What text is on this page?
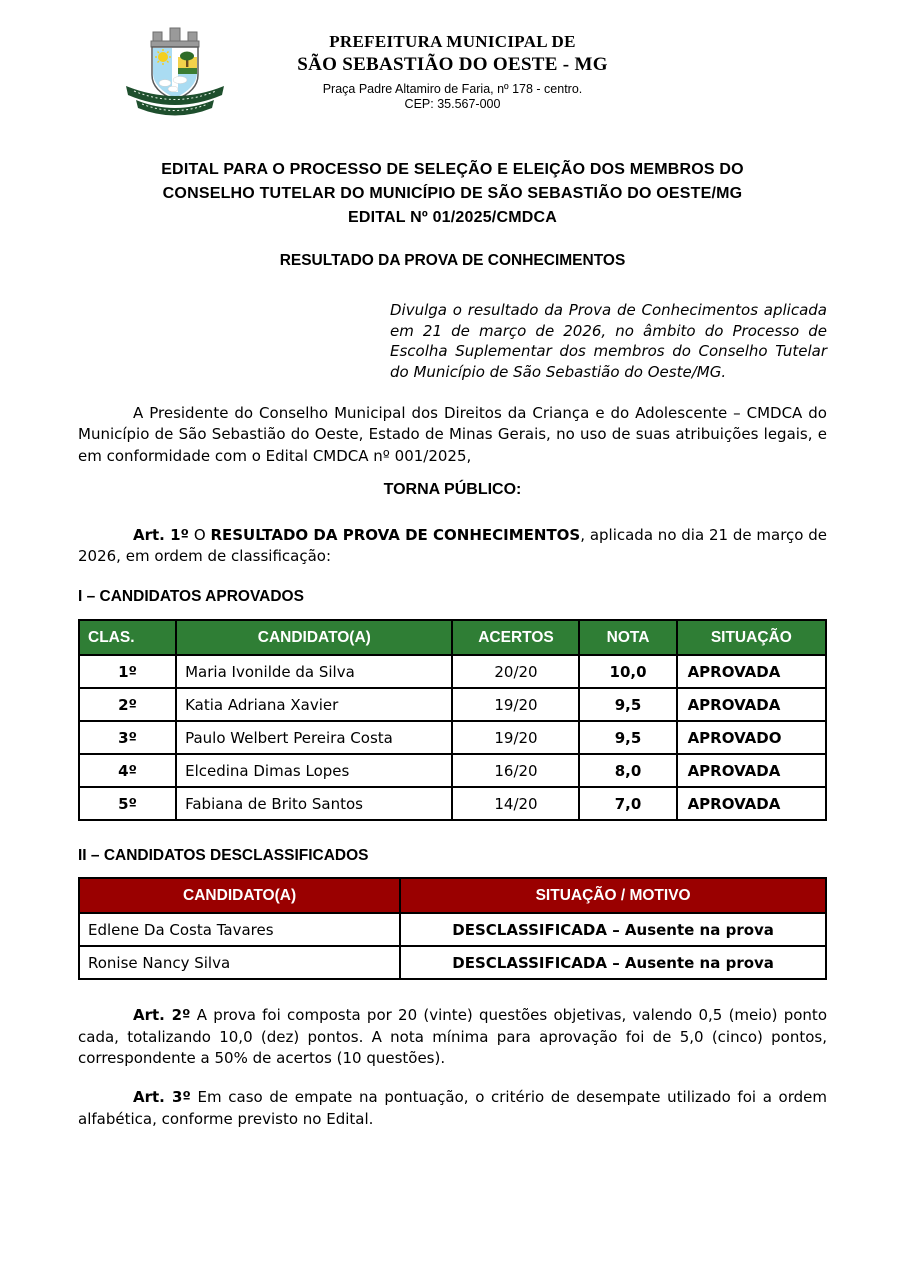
PREFEITURA MUNICIPAL DE
SÃO SEBASTIÃO DO OESTE - MG
Praça Padre Altamiro de Faria, nº 178 - centro.
CEP: 35.567-000
EDITAL PARA O PROCESSO DE SELEÇÃO E ELEIÇÃO DOS MEMBROS DO
CONSELHO TUTELAR DO MUNICÍPIO DE SÃO SEBASTIÃO DO OESTE/MG
EDITAL Nº 01/2025/CMDCA
RESULTADO DA PROVA DE CONHECIMENTOS

Divulga o resultado da Prova de Conhecimentos aplicada em 21 de março de 2026, no âmbito do Processo de Escolha Suplementar dos membros do Conselho Tutelar do Município de São Sebastião do Oeste/MG.

A Presidente do Conselho Municipal dos Direitos da Criança e do Adolescente – CMDCA do Município de São Sebastião do Oeste, Estado de Minas Gerais, no uso de suas atribuições legais, e em conformidade com o Edital CMDCA nº 001/2025,

TORNA PÚBLICO:

Art. 1º O RESULTADO DA PROVA DE CONHECIMENTOS, aplicada no dia 21 de março de 2026, em ordem de classificação:

I – CANDIDATOS APROVADOS
CLAS.	CANDIDATO(A)	ACERTOS	NOTA	SITUAÇÃO
1º	Maria Ivonilde da Silva	20/20	10,0	APROVADA
2º	Katia Adriana Xavier	19/20	9,5	APROVADA
3º	Paulo Welbert Pereira Costa	19/20	9,5	APROVADO
4º	Elcedina Dimas Lopes	16/20	8,0	APROVADA
5º	Fabiana de Brito Santos	14/20	7,0	APROVADA
II – CANDIDATOS DESCLASSIFICADOS
CANDIDATO(A)	SITUAÇÃO / MOTIVO
Edlene Da Costa Tavares	DESCLASSIFICADA – Ausente na prova
Ronise Nancy Silva	DESCLASSIFICADA – Ausente na prova

Art. 2º A prova foi composta por 20 (vinte) questões objetivas, valendo 0,5 (meio) ponto cada, totalizando 10,0 (dez) pontos. A nota mínima para aprovação foi de 5,0 (cinco) pontos, correspondente a 50% de acertos (10 questões).

Art. 3º Em caso de empate na pontuação, o critério de desempate utilizado foi a ordem alfabética, conforme previsto no Edital.
